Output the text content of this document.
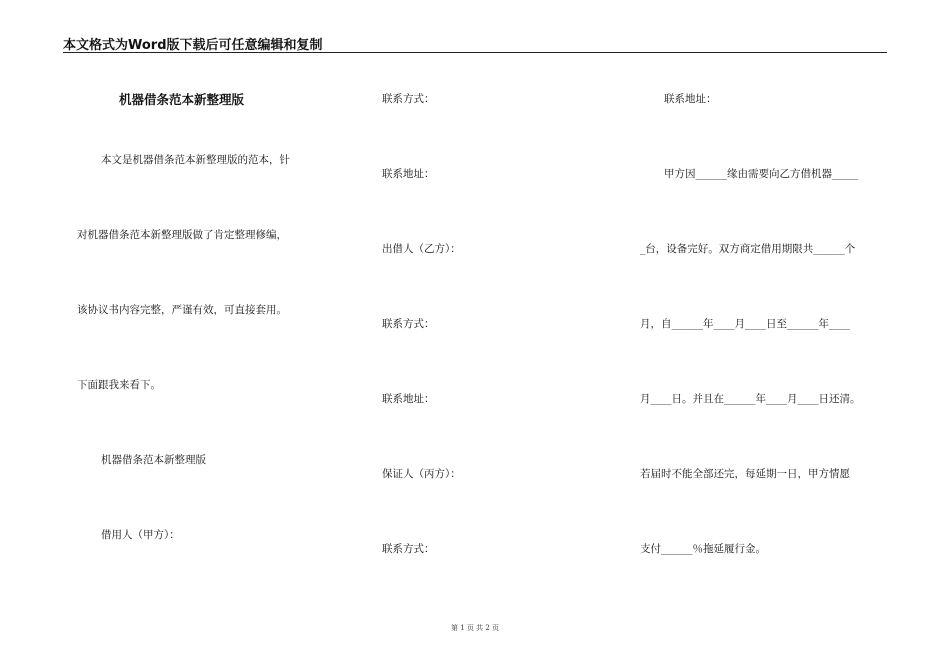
本文格式为Word版下载后可任意编辑和复制
机器借条范本新整理版
本文是机器借条范本新整理版的范本，针
对机器借条范本新整理版做了肯定整理修编，
该协议书内容完整，严谨有效，可直接套用。
下面跟我来看下。
机器借条范本新整理版
借用人（甲方）：
联系方式：
联系地址：
出借人（乙方）：
联系方式：
联系地址：
保证人（丙方）：
联系方式：
联系地址：
甲方因______缘由需要向乙方借机器_____
_台，设备完好。双方商定借用期限共______个
月，自______年____月____日至______年____
月____日。并且在______年____月____日还清。
若届时不能全部还完，每延期一日，甲方情愿
支付______％拖延履行金。
第 1 页 共 2 页
